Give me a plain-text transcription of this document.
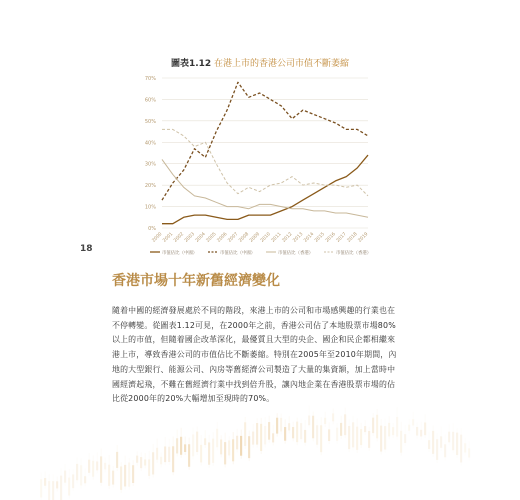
圖表1.12 在港上市的香港公司市值不斷萎縮
0%
10%
20%
30%
40%
50%
60%
70%
2000 2001 2002 2003 2004 2005 2006 2007 2008 2009 2010 2011 2012 2013 2014 2015 2016 2017 2018 2019
市值佔比（中國）	市值佔比（中國）	市值佔比（香港）	市值佔比（香港）
18
香港市場十年新舊經濟變化

隨着中國的經濟發展處於不同的階段，來港上市的公司和市場感興趣的行業也在不停轉變。從圖表1.12可見，在2000年之前，香港公司佔了本地股票市場80%以上的市值，但隨着國企改革深化，最優質且大型的央企、國企和民企都相繼來港上市，導致香港公司的市值佔比不斷萎縮。特別在2005年至2010年期間，內地的大型銀行、能源公司、內房等舊經濟公司製造了大量的集資額，加上當時中國經濟起飛，不難在舊經濟行業中找到倍升股，讓內地企業在香港股票市場的佔比從2000年的20%大幅增加至現時的70%。
